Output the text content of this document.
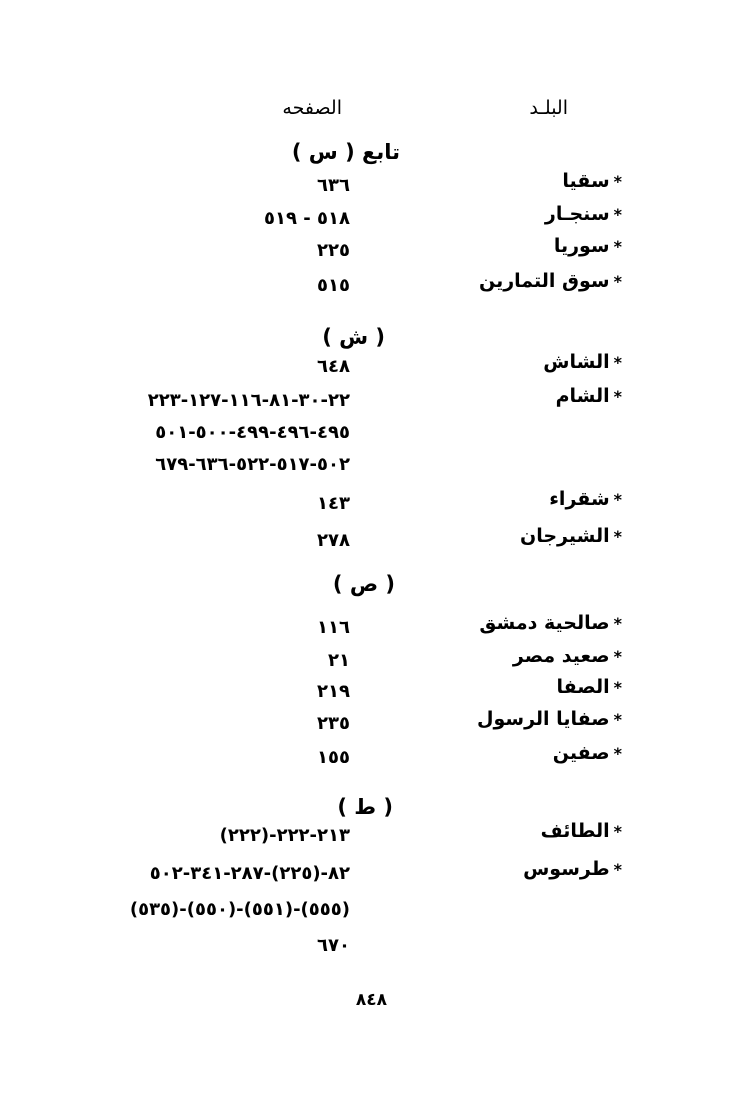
البلـد
الصفحه
تابع ( س )
( ش )
( ص )
( ط )
*سقيا
٦٣٦
*سنجـار
٥١٨ - ٥١٩
*سوريا
٢٢٥
*سوق التمارين
٥١٥
*الشاش
٦٤٨
*الشام
٢٢-٣٠-٨١-١١٦-١٢٧-٢٢٣
٤٩٥-٤٩٦-٤٩٩-٥٠٠-٥٠١
٥٠٢-٥١٧-٥٢٢-٦٣٦-٦٧٩
*شقراء
١٤٣
*الشيرجان
٢٧٨
*صالحية دمشق
١١٦
*صعيد مصر
٢١
*الصفا
٢١٩
*صفايا الرسول
٢٣٥
*صفين
١٥٥
*الطائف
(٢٢٢)-٢١٣-٢٢٢
*طرسوس
٨٢-(٢٢٥)-٢٨٧-٣٤١-٥٠٢
(٥٣٥)-(٥٥٠)-(٥٥١)-(٥٥٥)
٦٧٠
٨٤٨
